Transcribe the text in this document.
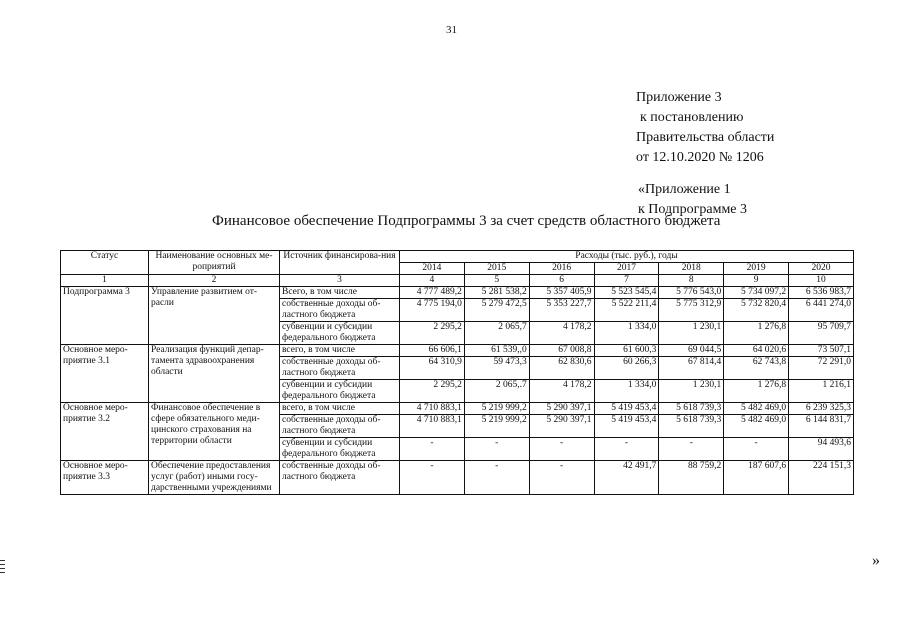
31
Приложение 3
к постановлению
Правительства области
от 12.10.2020 № 1206
«Приложение 1
к Подпрограмме 3
Финансовое обеспечение Подпрограммы 3 за счет средств областного бюджета
Статус	Наименование основных ме-роприятий	Источник финансирова-ния	Расходы (тыс. руб.), годы						
			2014	2015	2016	2017	2018	2019	2020
1	2	3	4	5	6	7	8	9	10
Подпрограмма 3	Управление развитием от-расли	Всего, в том числе	4 777 489,2	5 281 538,2	5 357 405,9	5 523 545,4	5 776 543,0	5 734 097,2	6 536 983,7
		собственные доходы об-ластного бюджета	4 775 194,0	5 279 472,5	5 353 227,7	5 522 211,4	5 775 312,9	5 732 820,4	6 441 274,0
		субвенции и субсидии федерального бюджета	2 295,2	2 065,7	4 178,2	1 334,0	1 230,1	1 276,8	95 709,7
Основное меро-приятие 3.1	Реализация функций депар-тамента здравоохранения области	всего, в том числе	66 606,1	61 539,,0	67 008,8	61 600,3	69 044,5	64 020,6	73 507,1
		собственные доходы об-ластного бюджета	64 310,9	59 473,3	62 830,6	60 266,3	67 814,4	62 743,8	72 291,0
		субвенции и субсидии федерального бюджета	2 295,2	2 065,.7	4 178,2	1 334,0	1 230,1	1 276,8	1 216,1
Основное меро-приятие 3.2	Финансовое обеспечение в сфере обязательного меди-цинского страхования на территории области	всего, в том числе	4 710 883,1	5 219 999,2	5 290 397,1	5 419 453,4	5 618 739,3	5 482 469,0	6 239 325,3
		собственные доходы об-ластного бюджета	4 710 883,1	5 219 999,2	5 290 397,1	5 419 453,4	5 618 739,3	5 482 469,0	6 144 831,7
		субвенции и субсидии федерального бюджета	-	-	-	-	-	-	94 493,6
Основное меро-приятие 3.3	Обеспечение предоставления услуг (работ) иными госу-дарственными учреждениями	собственные доходы об-ластного бюджета	-	-	-	42 491,7	88 759,2	187 607,6	224 151,3
»
